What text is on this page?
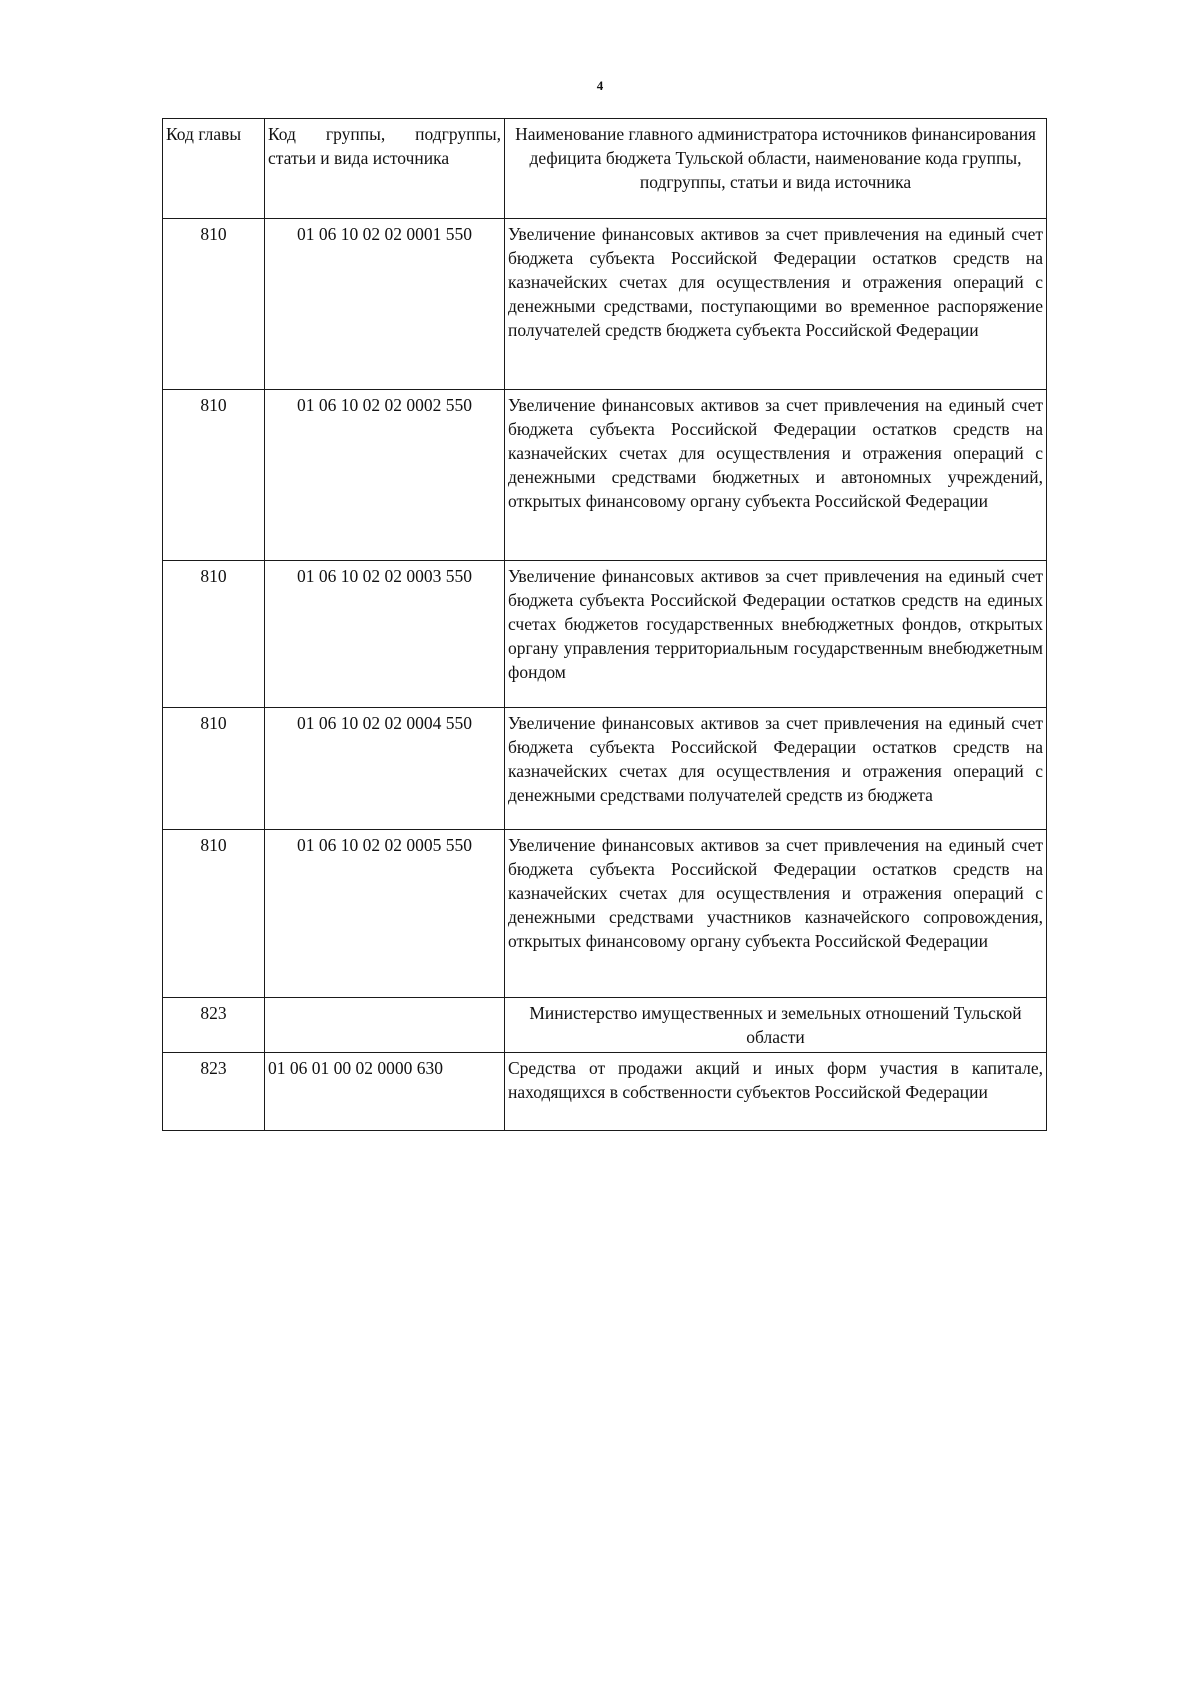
4
Код главы	Код группы, подгруппы, статьи и вида источника	Наименование главного администратора источников финансирования дефицита бюджета Тульской области, наименование кода группы, подгруппы, статьи и вида источника
810	01 06 10 02 02 0001 550	Увеличение финансовых активов за счет привлечения на единый счет бюджета субъекта Российской Федерации остатков средств на казначейских счетах для осуществления и отражения операций с денежными средствами, поступающими во временное распоряжение получателей средств бюджета субъекта Российской Федерации
810	01 06 10 02 02 0002 550	Увеличение финансовых активов за счет привлечения на единый счет бюджета субъекта Российской Федерации остатков средств на казначейских счетах для осуществления и отражения операций с денежными средствами бюджетных и автономных учреждений, открытых финансовому органу субъекта Российской Федерации
810	01 06 10 02 02 0003 550	Увеличение финансовых активов за счет привлечения на единый счет бюджета субъекта Российской Федерации остатков средств на единых счетах бюджетов государственных внебюджетных фондов, открытых органу управления территориальным государственным внебюджетным фондом
810	01 06 10 02 02 0004 550	Увеличение финансовых активов за счет привлечения на единый счет бюджета субъекта Российской Федерации остатков средств на казначейских счетах для осуществления и отражения операций с денежными средствами получателей средств из бюджета
810	01 06 10 02 02 0005 550	Увеличение финансовых активов за счет привлечения на единый счет бюджета субъекта Российской Федерации остатков средств на казначейских счетах для осуществления и отражения операций с денежными средствами участников казначейского сопровождения, открытых финансовому органу субъекта Российской Федерации
823		Министерство имущественных и земельных отношений Тульской области
823	01 06 01 00 02 0000 630	Средства от продажи акций и иных форм участия в капитале, находящихся в собственности субъектов Российской Федерации
